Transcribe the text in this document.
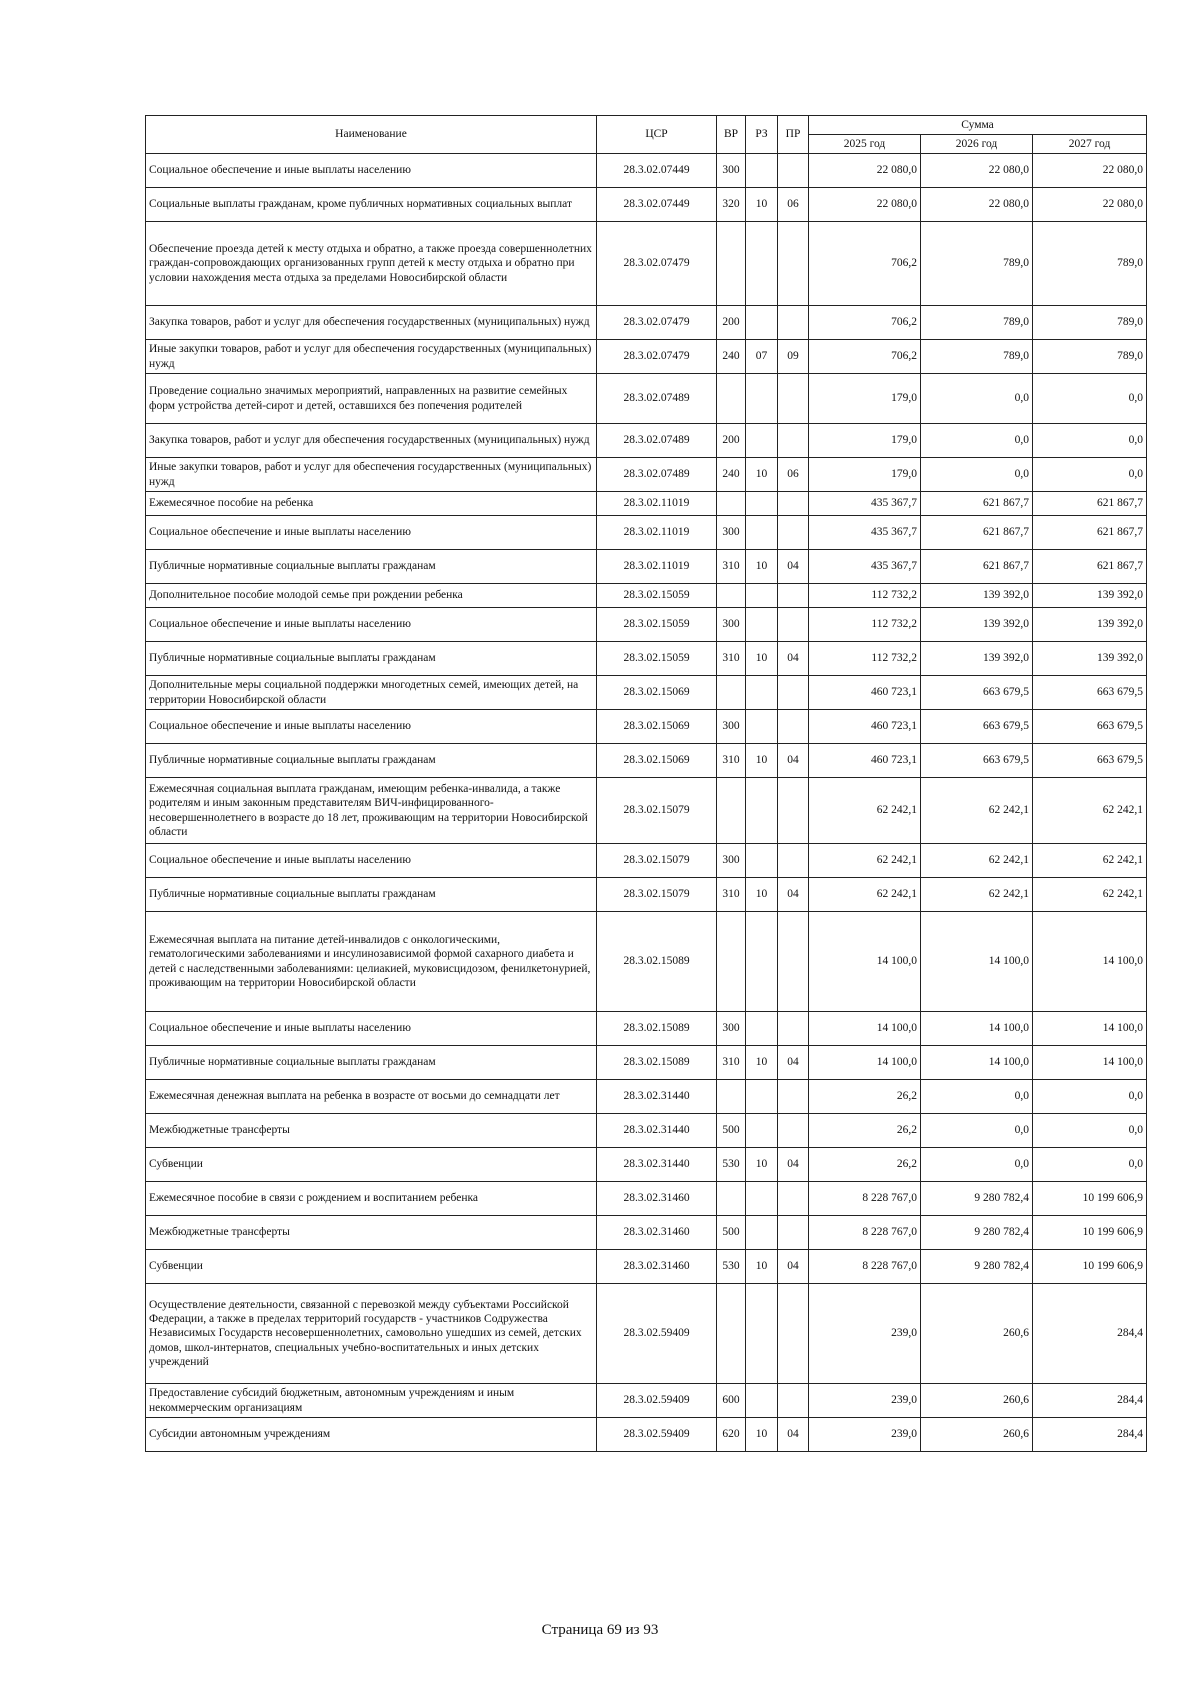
Наименование	ЦСР	ВР	РЗ	ПР	Сумма		
					2025 год	2026 год	2027 год
Социальное обеспечение и иные выплаты населению	28.3.02.07449	300			22 080,0	22 080,0	22 080,0
Социальные выплаты гражданам, кроме публичных нормативных социальных выплат	28.3.02.07449	320	10	06	22 080,0	22 080,0	22 080,0
Обеспечение проезда детей к месту отдыха и обратно, а также проезда совершеннолетних граждан-сопровождающих организованных групп детей к месту отдыха и обратно при условии нахождения места отдыха за пределами Новосибирской области	28.3.02.07479				706,2	789,0	789,0
Закупка товаров, работ и услуг для обеспечения государственных (муниципальных) нужд	28.3.02.07479	200			706,2	789,0	789,0
Иные закупки товаров, работ и услуг для обеспечения государственных (муниципальных) нужд	28.3.02.07479	240	07	09	706,2	789,0	789,0
Проведение социально значимых мероприятий, направленных на развитие семейных форм устройства детей-сирот и детей, оставшихся без попечения родителей	28.3.02.07489				179,0	0,0	0,0
Закупка товаров, работ и услуг для обеспечения государственных (муниципальных) нужд	28.3.02.07489	200			179,0	0,0	0,0
Иные закупки товаров, работ и услуг для обеспечения государственных (муниципальных) нужд	28.3.02.07489	240	10	06	179,0	0,0	0,0
Ежемесячное пособие на ребенка	28.3.02.11019				435 367,7	621 867,7	621 867,7
Социальное обеспечение и иные выплаты населению	28.3.02.11019	300			435 367,7	621 867,7	621 867,7
Публичные нормативные социальные выплаты гражданам	28.3.02.11019	310	10	04	435 367,7	621 867,7	621 867,7
Дополнительное пособие молодой семье при рождении ребенка	28.3.02.15059				112 732,2	139 392,0	139 392,0
Социальное обеспечение и иные выплаты населению	28.3.02.15059	300			112 732,2	139 392,0	139 392,0
Публичные нормативные социальные выплаты гражданам	28.3.02.15059	310	10	04	112 732,2	139 392,0	139 392,0
Дополнительные меры социальной поддержки многодетных семей, имеющих детей, на территории Новосибирской области	28.3.02.15069				460 723,1	663 679,5	663 679,5
Социальное обеспечение и иные выплаты населению	28.3.02.15069	300			460 723,1	663 679,5	663 679,5
Публичные нормативные социальные выплаты гражданам	28.3.02.15069	310	10	04	460 723,1	663 679,5	663 679,5
Ежемесячная социальная выплата гражданам, имеющим ребенка-инвалида, а также родителям и иным законным представителям ВИЧ-инфицированного-несовершеннолетнего в возрасте до 18 лет, проживающим на территории Новосибирской области	28.3.02.15079				62 242,1	62 242,1	62 242,1
Социальное обеспечение и иные выплаты населению	28.3.02.15079	300			62 242,1	62 242,1	62 242,1
Публичные нормативные социальные выплаты гражданам	28.3.02.15079	310	10	04	62 242,1	62 242,1	62 242,1
Ежемесячная выплата на питание детей-инвалидов с онкологическими, гематологическими заболеваниями и инсулинозависимой формой сахарного диабета и детей с наследственными заболеваниями: целиакией, муковисцидозом, фенилкетонурией, проживающим на территории Новосибирской области	28.3.02.15089				14 100,0	14 100,0	14 100,0
Социальное обеспечение и иные выплаты населению	28.3.02.15089	300			14 100,0	14 100,0	14 100,0
Публичные нормативные социальные выплаты гражданам	28.3.02.15089	310	10	04	14 100,0	14 100,0	14 100,0
Ежемесячная денежная выплата на ребенка в возрасте от восьми до семнадцати лет	28.3.02.31440				26,2	0,0	0,0
Межбюджетные трансферты	28.3.02.31440	500			26,2	0,0	0,0
Субвенции	28.3.02.31440	530	10	04	26,2	0,0	0,0
Ежемесячное пособие в связи с рождением и воспитанием ребенка	28.3.02.31460				8 228 767,0	9 280 782,4	10 199 606,9
Межбюджетные трансферты	28.3.02.31460	500			8 228 767,0	9 280 782,4	10 199 606,9
Субвенции	28.3.02.31460	530	10	04	8 228 767,0	9 280 782,4	10 199 606,9
Осуществление деятельности, связанной с перевозкой между субъектами Российской Федерации, а также в пределах территорий государств - участников Содружества Независимых Государств несовершеннолетних, самовольно ушедших из семей, детских домов, школ-интернатов, специальных учебно-воспитательных и иных детских учреждений	28.3.02.59409				239,0	260,6	284,4
Предоставление субсидий бюджетным, автономным учреждениям и иным некоммерческим организациям	28.3.02.59409	600			239,0	260,6	284,4
Субсидии автономным учреждениям	28.3.02.59409	620	10	04	239,0	260,6	284,4
Страница 69 из 93
